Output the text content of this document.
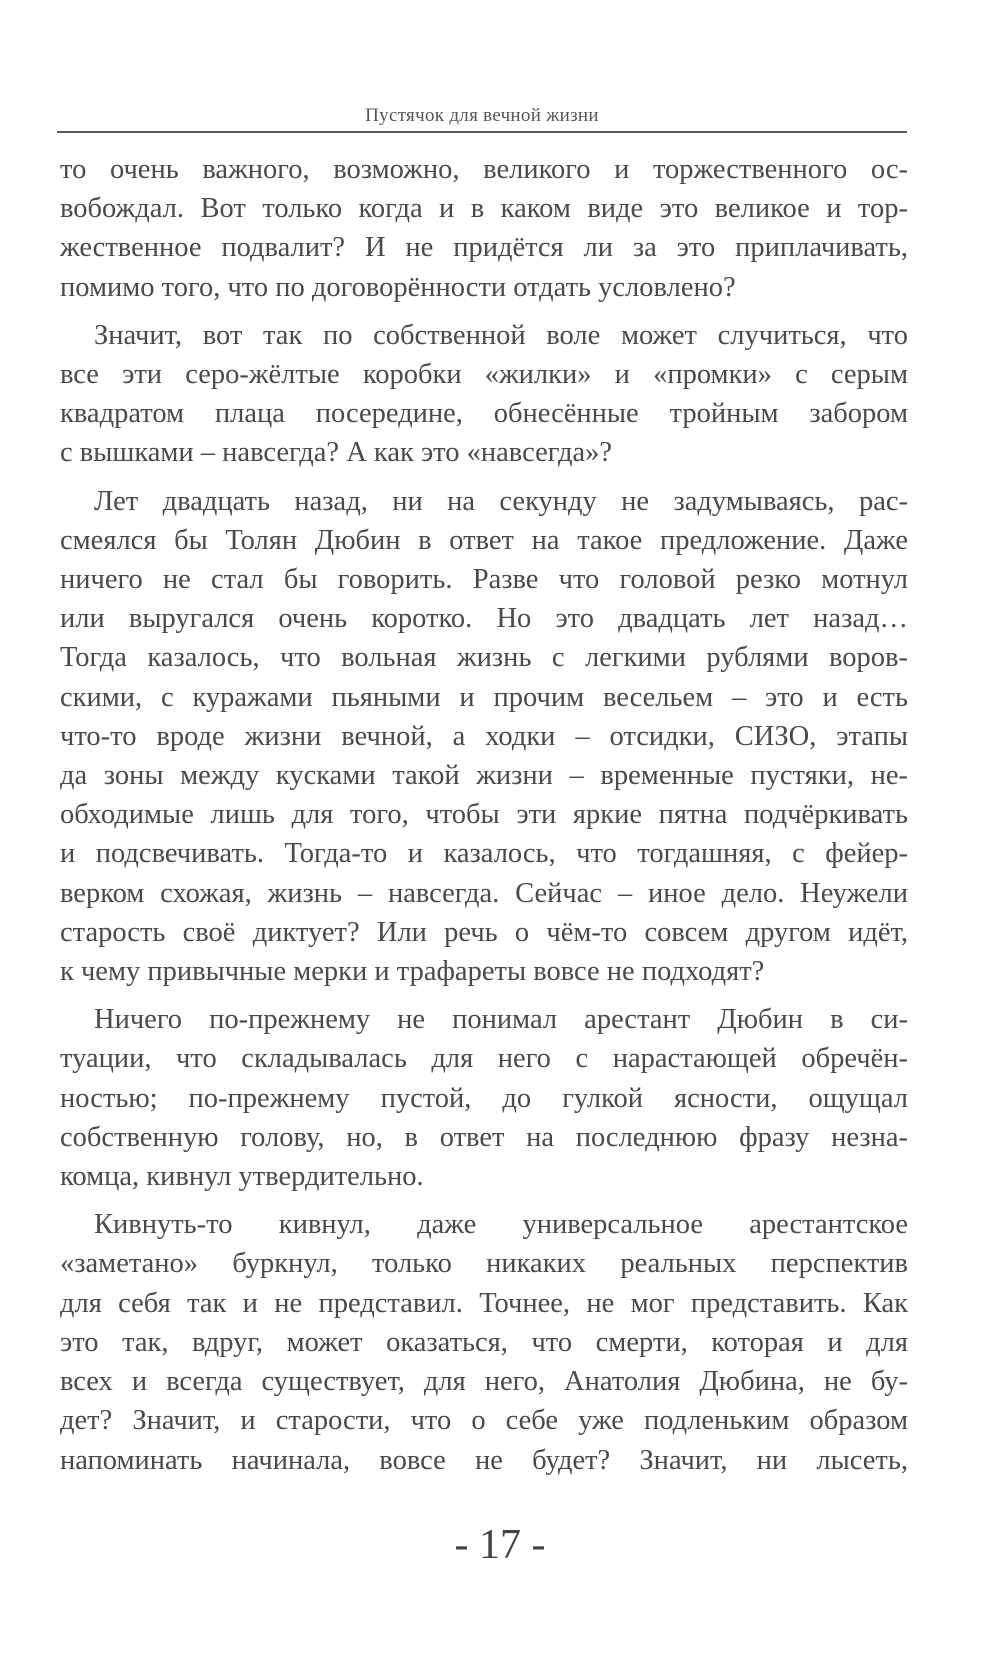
Пустячок для вечной жизни
то очень важного, возможно, великого и торжественного ос-
вобождал. Вот только когда и в каком виде это великое и тор-
жественное подвалит? И не придётся ли за это приплачивать,
помимо того, что по договорённости отдать условлено?
Значит, вот так по собственной воле может случиться, что
все эти серо-жёлтые коробки «жилки» и «промки» с серым
квадратом плаца посередине, обнесённые тройным забором
с вышками – навсегда? А как это «навсегда»?
Лет двадцать назад, ни на секунду не задумываясь, рас-
смеялся бы Толян Дюбин в ответ на такое предложение. Даже
ничего не стал бы говорить. Разве что головой резко мотнул
или выругался очень коротко. Но это двадцать лет назад…
Тогда казалось, что вольная жизнь с легкими рублями воров-
скими, с куражами пьяными и прочим весельем – это и есть
что-то вроде жизни вечной, а ходки – отсидки, СИЗО, этапы
да зоны между кусками такой жизни – временные пустяки, не-
обходимые лишь для того, чтобы эти яркие пятна подчёркивать
и подсвечивать. Тогда-то и казалось, что тогдашняя, с фейер-
верком схожая, жизнь – навсегда. Сейчас – иное дело. Неужели
старость своё диктует? Или речь о чём-то совсем другом идёт,
к чему привычные мерки и трафареты вовсе не подходят?
Ничего по-прежнему не понимал арестант Дюбин в си-
туации, что складывалась для него с нарастающей обречён-
ностью; по-прежнему пустой, до гулкой ясности, ощущал
собственную голову, но, в ответ на последнюю фразу незна-
комца, кивнул утвердительно.
Кивнуть-то кивнул, даже универсальное арестантское
«заметано» буркнул, только никаких реальных перспектив
для себя так и не представил. Точнее, не мог представить. Как
это так, вдруг, может оказаться, что смерти, которая и для
всех и всегда существует, для него, Анатолия Дюбина, не бу-
дет? Значит, и старости, что о себе уже подленьким образом
напоминать начинала, вовсе не будет? Значит, ни лысеть,
- 17 -
